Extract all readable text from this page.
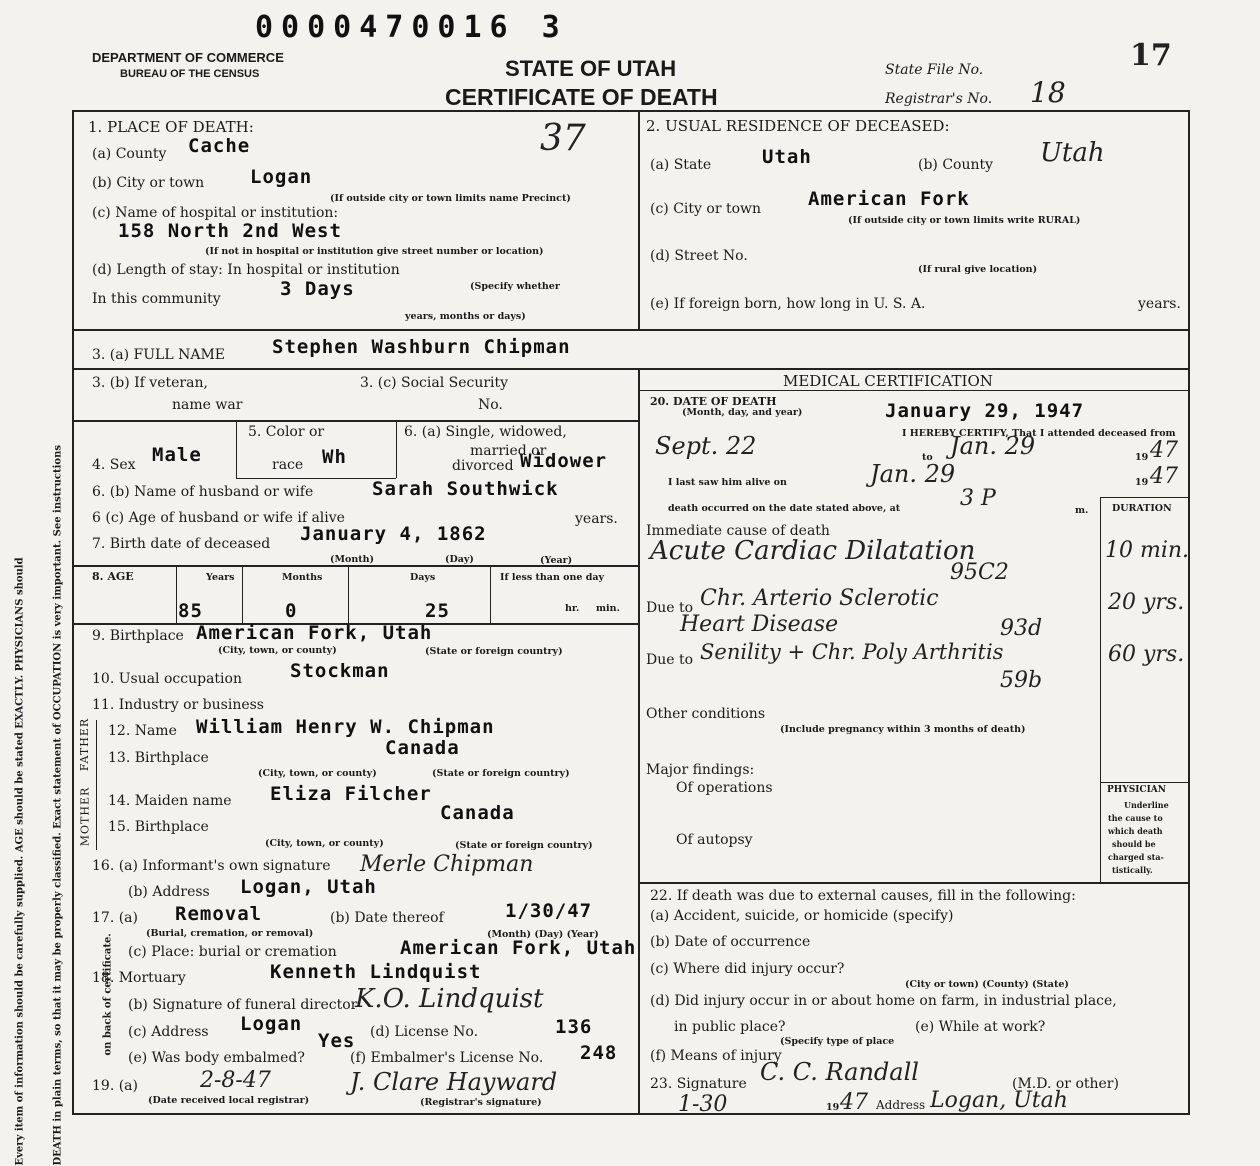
Every item of information should be carefully supplied. AGE should be stated EXACTLY. PHYSICIANS should	DEATH in plain terms, so that it may be properly classified. Exact statement of OCCUPATION is very important. See instructions	on back of certificate.
0000470016 3
DEPARTMENT OF COMMERCE
BUREAU OF THE CENSUS	STATE OF UTAH
CERTIFICATE OF DEATH
State File No.	17
Registrar's No. 18
1. PLACE OF DEATH:	37
(a) County Cache
(b) City or town Logan
(If outside city or town limits name Precinct)
(c) Name of hospital or institution:
158 North 2nd West
(If not in hospital or institution give street number or location)
(d) Length of stay: In hospital or institution
In this community	3 Days	(Specify whether
years, months or days)
2. USUAL RESIDENCE OF DECEASED:
(a) State	Utah	(b) County Utah
(c) City or town American Fork
(If outside city or town limits write RURAL)
(d) Street No.
(If rural give location)
(e) If foreign born, how long in U. S. A.	years.
3. (a) FULL NAME Stephen Washburn Chipman
3. (b) If veteran,
name war
3. (c) Social Security
No.
4. Sex Male
5. Color or
race Wh
6. (a) Single, widowed,
married or
divorced Widower
6. (b) Name of husband or wife	Sarah Southwick
6 (c) Age of husband or wife if alive	years.
7. Birth date of deceased January 4, 1862
(Month)	(Day)	(Year)
8. AGE	Years	Months	Days	If less than one day
85	0	25	hr. min.
9. Birthplace American Fork, Utah
(City, town, or county)	(State or foreign country)
10. Usual occupation	Stockman
11. Industry or business
FATHER
MOTHER
12. Name William Henry W. Chipman
13. Birthplace	Canada
(City, town, or county)	(State or foreign country)
14. Maiden name Eliza Filcher
15. Birthplace
Canada
(City, town, or county)	(State or foreign country)
16. (a) Informant's own signature Merle Chipman
(b) Address Logan, Utah
17. (a) Removal
(Burial, cremation, or removal)
(b) Date thereof	1/30/47
(Month) (Day) (Year)
(c) Place: burial or cremation	American Fork, Utah
18. Mortuary	Kenneth Lindquist
(b) Signature of funeral director
K.O. Lindquist
(c) Address Logan	(d) License No.	136
(e) Was body embalmed?
Yes
(f) Embalmer's License No. 248
19. (a)	2-8-47
(Date received local registrar)
J. Clare Hayward
(Registrar's signature)
MEDICAL CERTIFICATION
20. DATE OF DEATH
(Month, day, and year)	January 29, 1947
I HEREBY CERTIFY, That I attended deceased from
Sept. 22	to Jan. 29	19 47
I last saw him alive on	Jan. 29	19 47
death occurred on the date stated above, at	3 P	m. DURATION
Immediate cause of death
Acute Cardiac Dilatation
95C2
10 min.
Due to Chr. Arterio Sclerotic
Heart Disease	93d
20 yrs.
Due to Senility + Chr. Poly Arthritis
59b
60 yrs.
Other conditions
(Include pregnancy within 3 months of death)
Major findings:
Of operations
Of autopsy
PHYSICIAN
Underline
the cause to
which death
should be
charged sta-
tistically.
22. If death was due to external causes, fill in the following:
(a) Accident, suicide, or homicide (specify)
(b) Date of occurrence
(c) Where did injury occur?
(City or town) (County) (State)
(d) Did injury occur in or about home on farm, in industrial place,
in public place?
(Specify type of place
(e) While at work?
(f) Means of injury
23. Signature C. C. Randall	(M.D. or other)
1-30	19 47 Address Logan, Utah
